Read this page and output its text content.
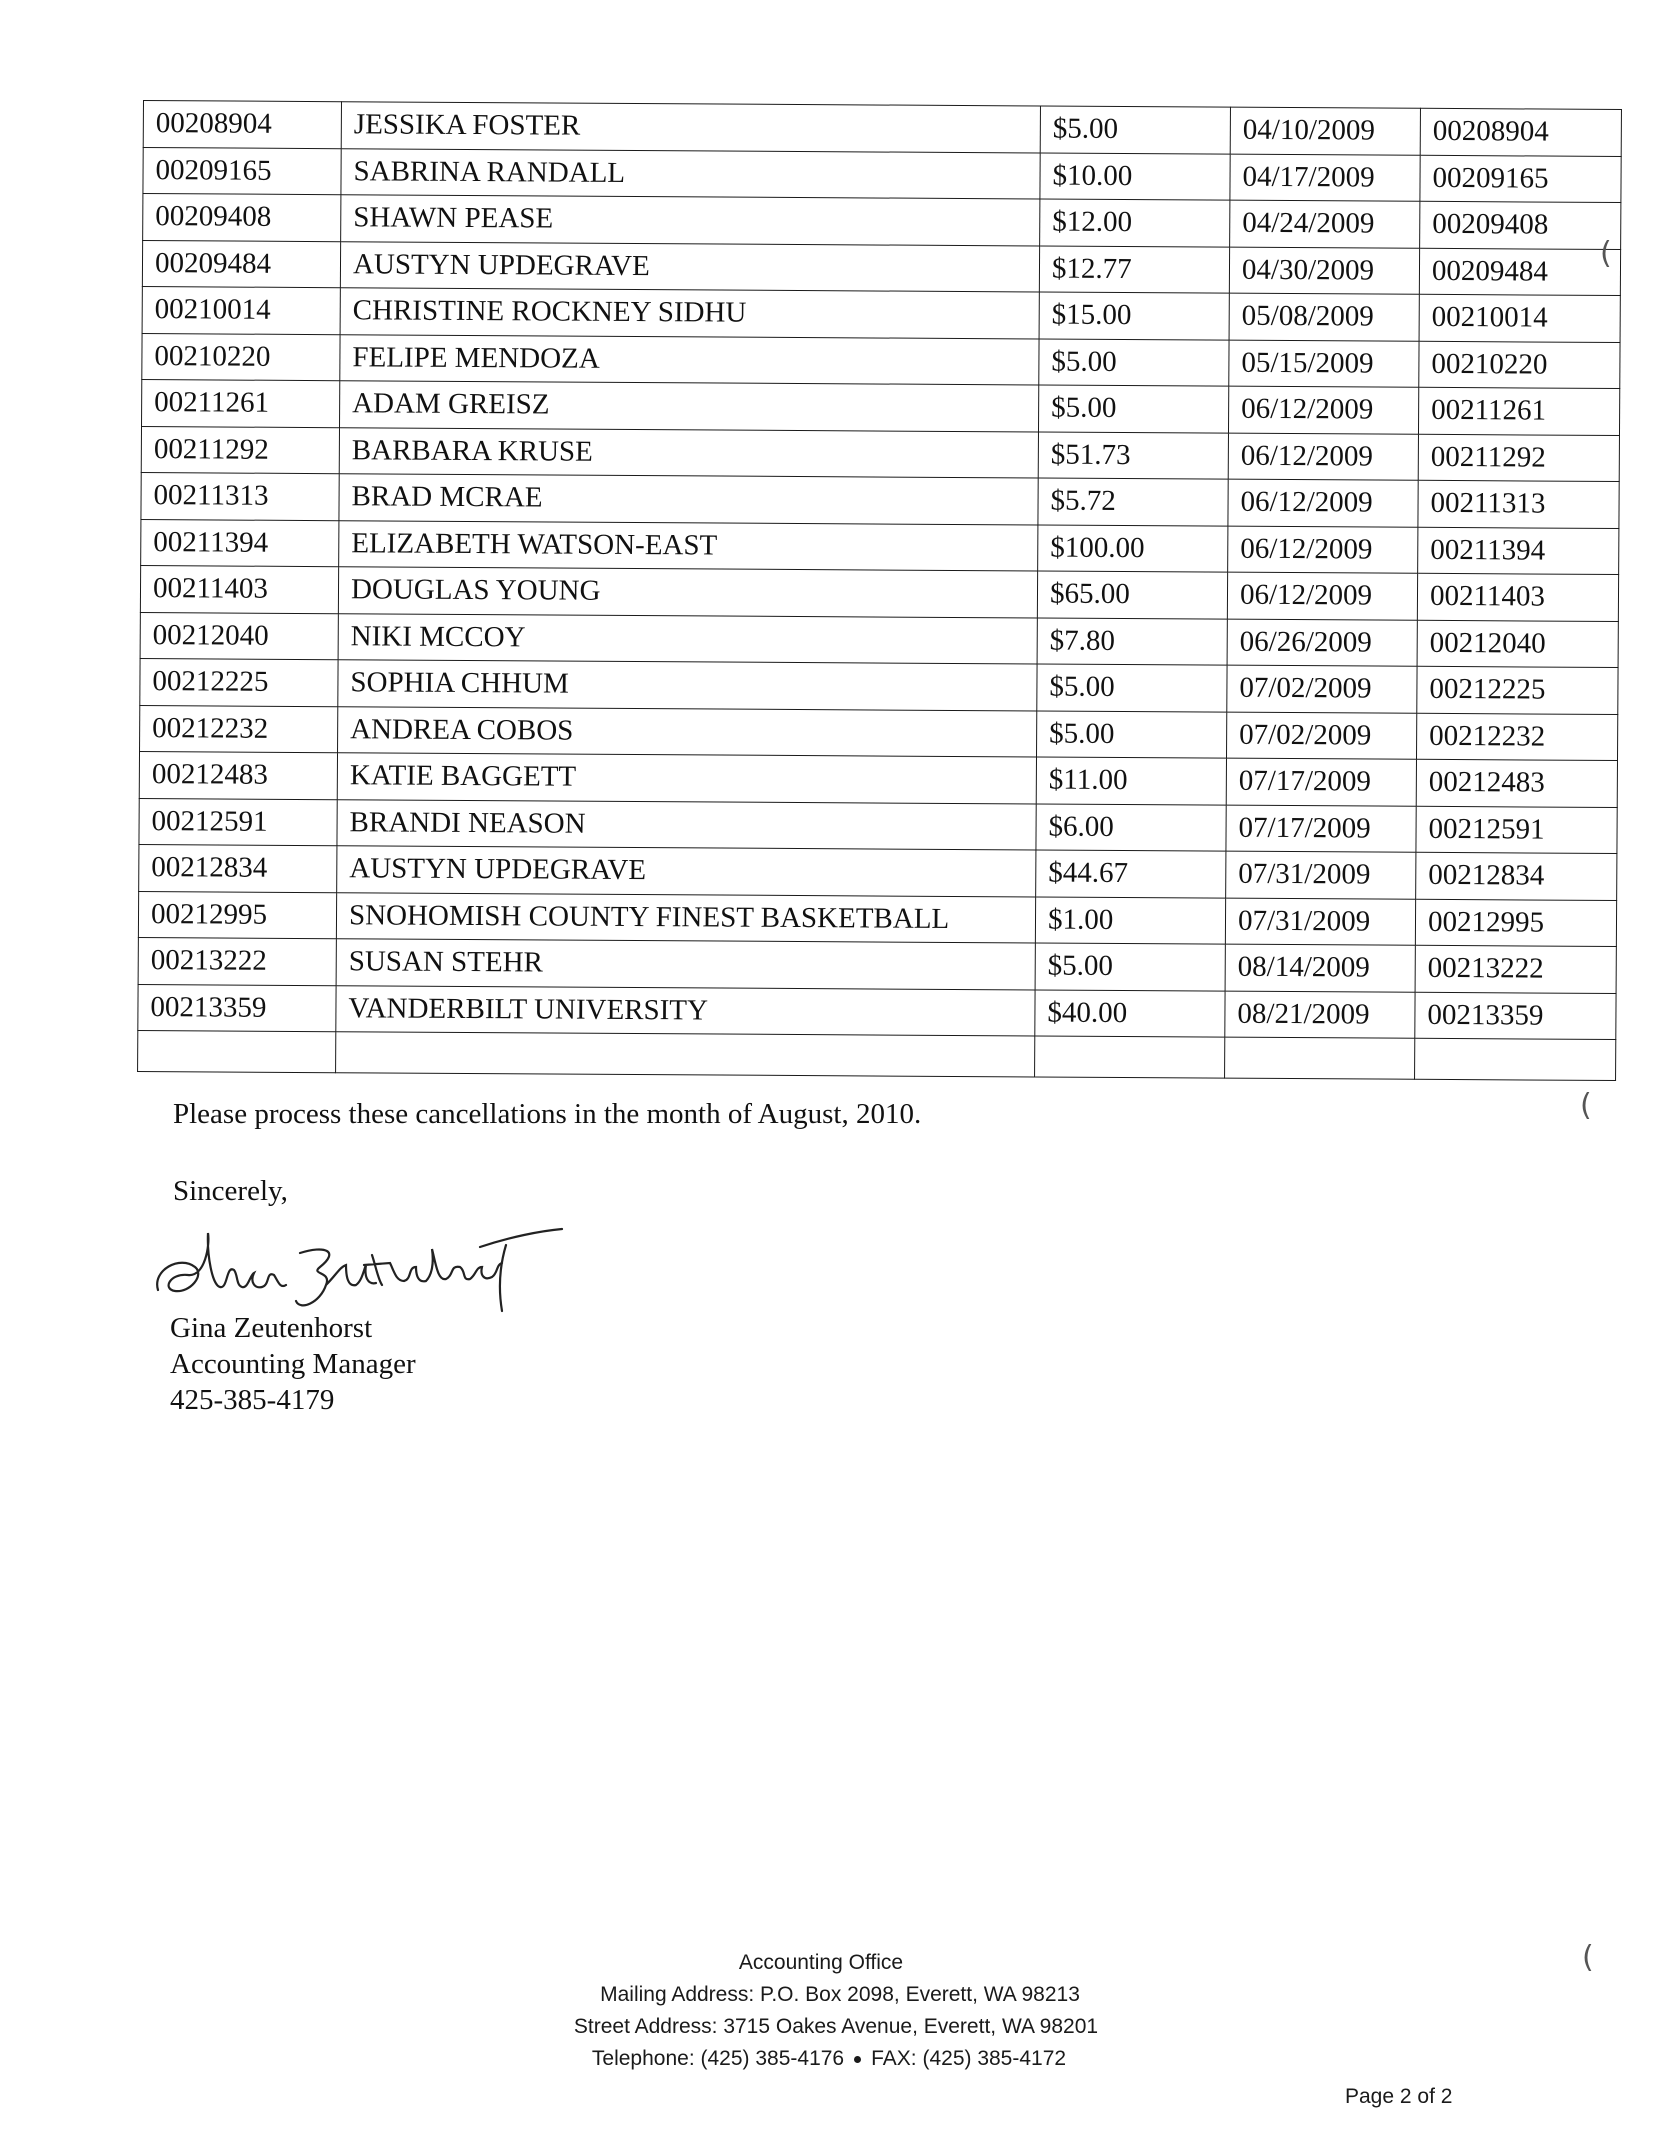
00208904	JESSIKA FOSTER	$5.00	04/10/2009	00208904
00209165	SABRINA RANDALL	$10.00	04/17/2009	00209165
00209408	SHAWN PEASE	$12.00	04/24/2009	00209408
00209484	AUSTYN UPDEGRAVE	$12.77	04/30/2009	00209484
00210014	CHRISTINE ROCKNEY SIDHU	$15.00	05/08/2009	00210014
00210220	FELIPE MENDOZA	$5.00	05/15/2009	00210220
00211261	ADAM GREISZ	$5.00	06/12/2009	00211261
00211292	BARBARA KRUSE	$51.73	06/12/2009	00211292
00211313	BRAD MCRAE	$5.72	06/12/2009	00211313
00211394	ELIZABETH WATSON-EAST	$100.00	06/12/2009	00211394
00211403	DOUGLAS YOUNG	$65.00	06/12/2009	00211403
00212040	NIKI MCCOY	$7.80	06/26/2009	00212040
00212225	SOPHIA CHHUM	$5.00	07/02/2009	00212225
00212232	ANDREA COBOS	$5.00	07/02/2009	00212232
00212483	KATIE BAGGETT	$11.00	07/17/2009	00212483
00212591	BRANDI NEASON	$6.00	07/17/2009	00212591
00212834	AUSTYN UPDEGRAVE	$44.67	07/31/2009	00212834
00212995	SNOHOMISH COUNTY FINEST BASKETBALL	$1.00	07/31/2009	00212995
00213222	SUSAN STEHR	$5.00	08/14/2009	00213222
00213359	VANDERBILT UNIVERSITY	$40.00	08/21/2009	00213359

Please process these cancellations in the month of August, 2010.

Sincerely,

Gina Zeutenhorst
Accounting Manager
425-385-4179
Accounting Office
Mailing Address: P.O. Box 2098, Everett, WA 98213
Street Address: 3715 Oakes Avenue, Everett, WA 98201
Telephone: (425) 385-4176 FAX: (425) 385-4172
Page 2 of 2
(
(
(
